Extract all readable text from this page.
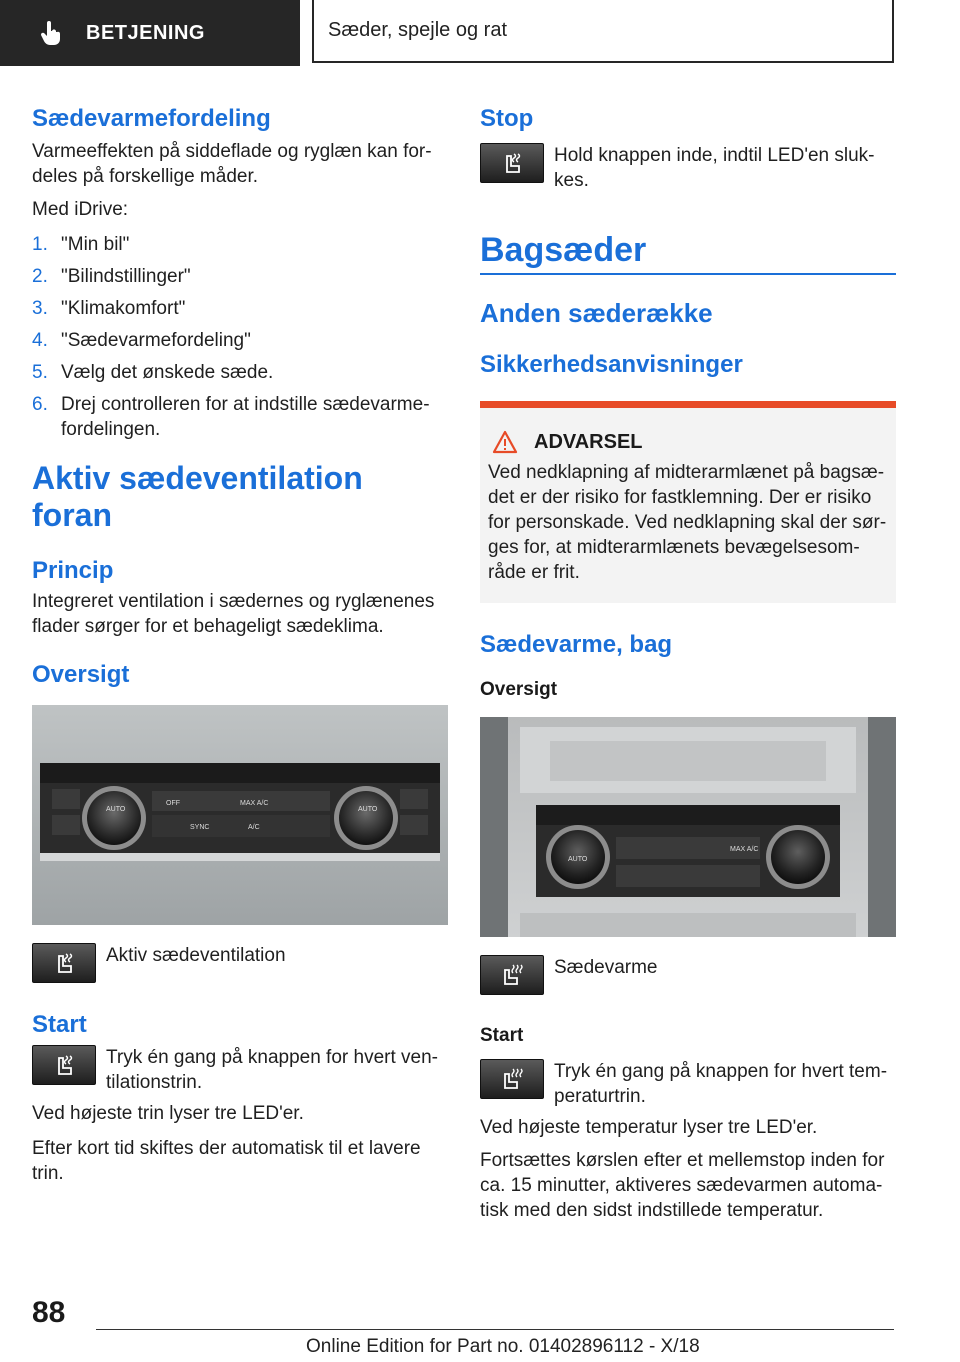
BETJENING	Sæder, spejle og rat
Sædevarmefordeling

Varmeeffekten på siddeflade og ryglæn kan for-deles på forskellige måder.

Med iDrive:

1. "Min bil"
2. "Bilindstillinger"
3. "Klimakomfort"
4. "Sædevarmefordeling"
5. Vælg det ønskede sæde.
6. Drej controlleren for at indstille sædevarme-fordelingen.
Aktiv sædeventilation foran
Princip

Integreret ventilation i sædernes og ryglænenes flader sørger for et behageligt sædeklima.

Oversigt
AUTO
OFF	MAX A/C
AUTO
SYNC	A/C
Aktiv sædeventilation
Start
Tryk én gang på knappen for hvert ven-tilationstrin.

Ved højeste trin lyser tre LED'er.

Efter kort tid skiftes der automatisk til et lavere trin.

Stop
Hold knappen inde, indtil LED'en sluk-kes.
Bagsæder
Anden sæderække
Sikkerhedsanvisninger
ADVARSEL
Ved nedklapning af midterarmlænet på bagsæ-det er der risiko for fastklemning. Der er risiko for personskade. Ved nedklapning skal der sør-ges for, at midterarmlænets bevægelsesom-råde er frit.
Sædevarme, bag

Oversigt

AUTO
MAX A/C
Sædevarme

Start

Tryk én gang på knappen for hvert tem-peraturtrin.

Ved højeste temperatur lyser tre LED'er.

Fortsættes kørslen efter et mellemstop inden for ca. 15 minutter, aktiveres sædevarmen automa-tisk med den sidst indstillede temperatur.

88
Online Edition for Part no. 01402896112 - X/18
